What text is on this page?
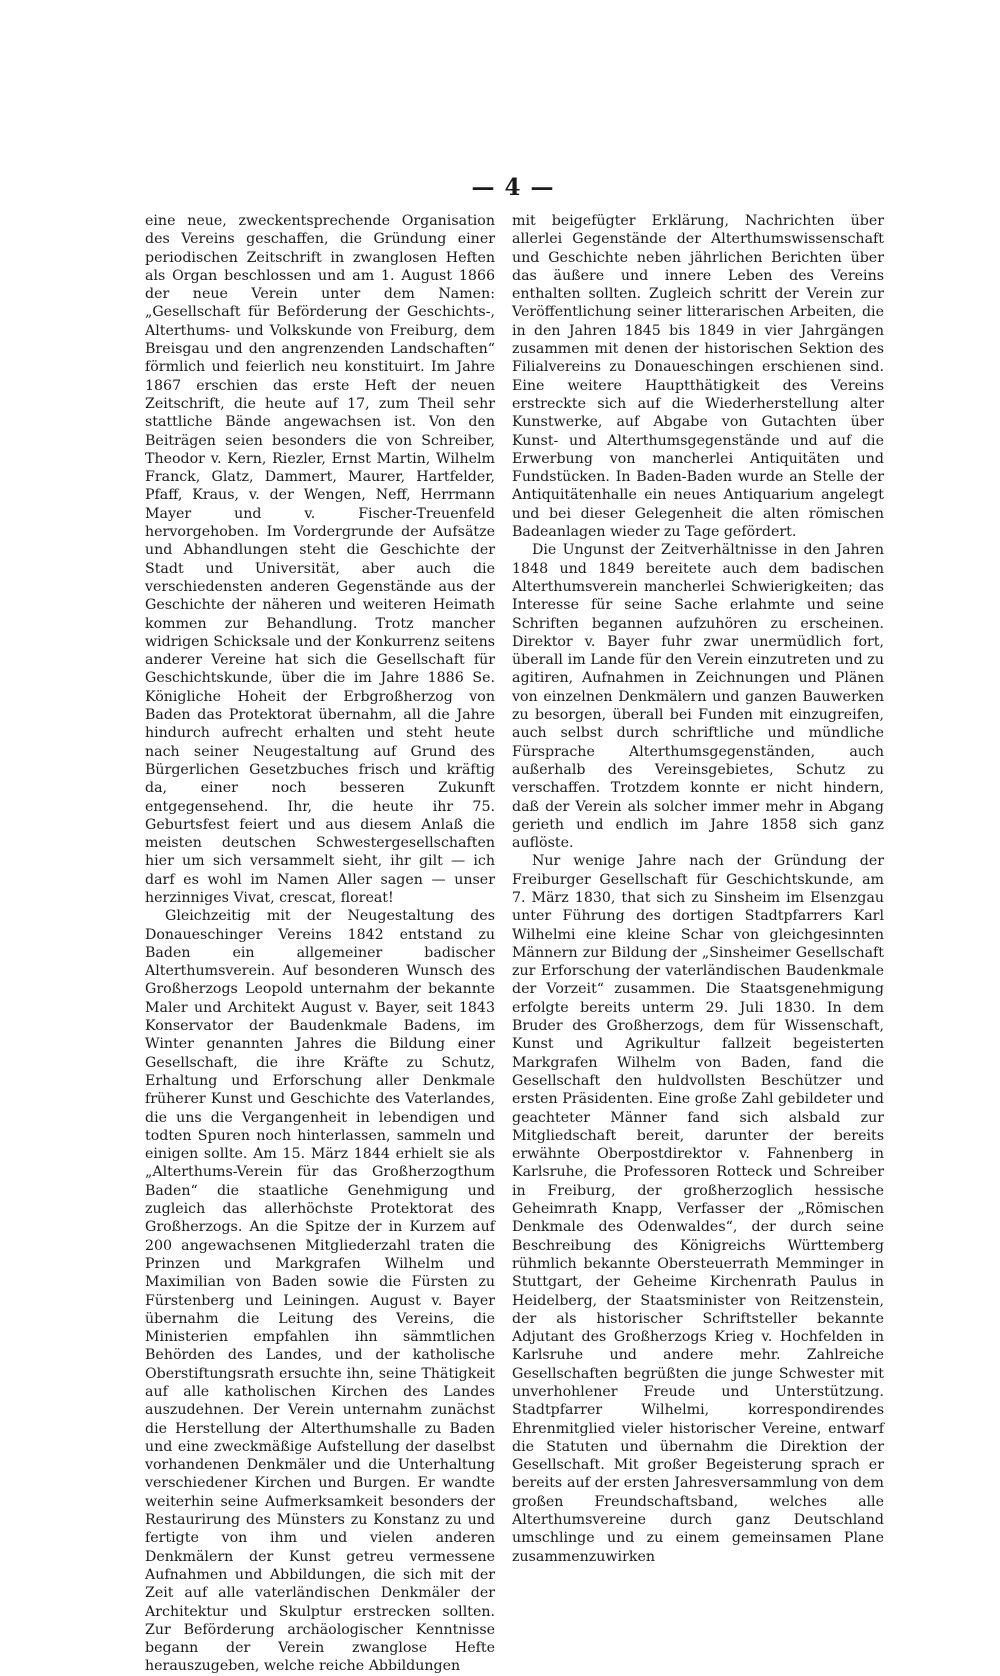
— 4 —

eine neue, zweckentsprechende Organisation des Vereins geschaffen, die Gründung einer periodischen Zeitschrift in zwanglosen Heften als Organ beschlossen und am 1. August 1866 der neue Verein unter dem Namen: „Gesellschaft für Beförderung der Geschichts-, Alterthums- und Volkskunde von Freiburg, dem Breisgau und den angrenzenden Landschaften“ förmlich und feierlich neu konstituirt. Im Jahre 1867 erschien das erste Heft der neuen Zeitschrift, die heute auf 17, zum Theil sehr stattliche Bände angewachsen ist. Von den Beiträgen seien besonders die von Schreiber, Theodor v. Kern, Riezler, Ernst Martin, Wilhelm Franck, Glatz, Dammert, Maurer, Hartfelder, Pfaff, Kraus, v. der Wengen, Neff, Herrmann Mayer und v. Fischer-Treuenfeld hervorgehoben. Im Vordergrunde der Aufsätze und Abhandlungen steht die Geschichte der Stadt und Universität, aber auch die verschiedensten anderen Gegenstände aus der Geschichte der näheren und weiteren Heimath kommen zur Behandlung. Trotz mancher widrigen Schicksale und der Konkurrenz seitens anderer Vereine hat sich die Gesellschaft für Geschichtskunde, über die im Jahre 1886 Se. Königliche Hoheit der Erbgroßherzog von Baden das Protektorat übernahm, all die Jahre hindurch aufrecht erhalten und steht heute nach seiner Neugestaltung auf Grund des Bürgerlichen Gesetzbuches frisch und kräftig da, einer noch besseren Zukunft entgegensehend. Ihr, die heute ihr 75. Geburtsfest feiert und aus diesem Anlaß die meisten deutschen Schwestergesellschaften hier um sich versammelt sieht, ihr gilt — ich darf es wohl im Namen Aller sagen — unser herzinniges Vivat, crescat, floreat!

Gleichzeitig mit der Neugestaltung des Donaueschinger Vereins 1842 entstand zu Baden ein allgemeiner badischer Alterthumsverein. Auf besonderen Wunsch des Großherzogs Leopold unternahm der bekannte Maler und Architekt August v. Bayer, seit 1843 Konservator der Baudenkmale Badens, im Winter genannten Jahres die Bildung einer Gesellschaft, die ihre Kräfte zu Schutz, Erhaltung und Erforschung aller Denkmale früherer Kunst und Geschichte des Vaterlandes, die uns die Vergangenheit in lebendigen und todten Spuren noch hinterlassen, sammeln und einigen sollte. Am 15. März 1844 erhielt sie als „Alterthums-Verein für das Großherzogthum Baden“ die staatliche Genehmigung und zugleich das allerhöchste Protektorat des Großherzogs. An die Spitze der in Kurzem auf 200 angewachsenen Mitgliederzahl traten die Prinzen und Markgrafen Wilhelm und Maximilian von Baden sowie die Fürsten zu Fürstenberg und Leiningen. August v. Bayer übernahm die Leitung des Vereins, die Ministerien empfahlen ihn sämmtlichen Behörden des Landes, und der katholische Oberstiftungsrath ersuchte ihn, seine Thätigkeit auf alle katholischen Kirchen des Landes auszudehnen. Der Verein unternahm zunächst die Herstellung der Alterthumshalle zu Baden und eine zweckmäßige Aufstellung der daselbst vorhandenen Denkmäler und die Unterhaltung verschiedener Kirchen und Burgen. Er wandte weiterhin seine Aufmerksamkeit besonders der Restaurirung des Münsters zu Konstanz zu und fertigte von ihm und vielen anderen Denkmälern der Kunst getreu vermessene Aufnahmen und Abbildungen, die sich mit der Zeit auf alle vaterländischen Denkmäler der Architektur und Skulptur erstrecken sollten. Zur Beförderung archäologischer Kenntnisse begann der Verein zwanglose Hefte herauszugeben, welche reiche Abbildungen

mit beigefügter Erklärung, Nachrichten über allerlei Gegenstände der Alterthumswissenschaft und Geschichte neben jährlichen Berichten über das äußere und innere Leben des Vereins enthalten sollten. Zugleich schritt der Verein zur Veröffentlichung seiner litterarischen Arbeiten, die in den Jahren 1845 bis 1849 in vier Jahrgängen zusammen mit denen der historischen Sektion des Filialvereins zu Donaueschingen erschienen sind. Eine weitere Hauptthätigkeit des Vereins erstreckte sich auf die Wiederherstellung alter Kunstwerke, auf Abgabe von Gutachten über Kunst- und Alterthumsgegenstände und auf die Erwerbung von mancherlei Antiquitäten und Fundstücken. In Baden-Baden wurde an Stelle der Antiquitätenhalle ein neues Antiquarium angelegt und bei dieser Gelegenheit die alten römischen Badeanlagen wieder zu Tage gefördert.

Die Ungunst der Zeitverhältnisse in den Jahren 1848 und 1849 bereitete auch dem badischen Alterthumsverein mancherlei Schwierigkeiten; das Interesse für seine Sache erlahmte und seine Schriften begannen aufzuhören zu erscheinen. Direktor v. Bayer fuhr zwar unermüdlich fort, überall im Lande für den Verein einzutreten und zu agitiren, Aufnahmen in Zeichnungen und Plänen von einzelnen Denkmälern und ganzen Bauwerken zu besorgen, überall bei Funden mit einzugreifen, auch selbst durch schriftliche und mündliche Fürsprache Alterthumsgegenständen, auch außerhalb des Vereinsgebietes, Schutz zu verschaffen. Trotzdem konnte er nicht hindern, daß der Verein als solcher immer mehr in Abgang gerieth und endlich im Jahre 1858 sich ganz auflöste.

Nur wenige Jahre nach der Gründung der Freiburger Gesellschaft für Geschichtskunde, am 7. März 1830, that sich zu Sinsheim im Elsenzgau unter Führung des dortigen Stadtpfarrers Karl Wilhelmi eine kleine Schar von gleichgesinnten Männern zur Bildung der „Sinsheimer Gesellschaft zur Erforschung der vaterländischen Baudenkmale der Vorzeit“ zusammen. Die Staatsgenehmigung erfolgte bereits unterm 29. Juli 1830. In dem Bruder des Großherzogs, dem für Wissenschaft, Kunst und Agrikultur fallzeit begeisterten Markgrafen Wilhelm von Baden, fand die Gesellschaft den huldvollsten Beschützer und ersten Präsidenten. Eine große Zahl gebildeter und geachteter Männer fand sich alsbald zur Mitgliedschaft bereit, darunter der bereits erwähnte Oberpostdirektor v. Fahnenberg in Karlsruhe, die Professoren Rotteck und Schreiber in Freiburg, der großherzoglich hessische Geheimrath Knapp, Verfasser der „Römischen Denkmale des Odenwaldes“, der durch seine Beschreibung des Königreichs Württemberg rühmlich bekannte Obersteuerrath Memminger in Stuttgart, der Geheime Kirchenrath Paulus in Heidelberg, der Staatsminister von Reitzenstein, der als historischer Schriftsteller bekannte Adjutant des Großherzogs Krieg v. Hochfelden in Karlsruhe und andere mehr. Zahlreiche Gesellschaften begrüßten die junge Schwester mit unverhohlener Freude und Unterstützung. Stadtpfarrer Wilhelmi, korrespondirendes Ehrenmitglied vieler historischer Vereine, entwarf die Statuten und übernahm die Direktion der Gesellschaft. Mit großer Begeisterung sprach er bereits auf der ersten Jahresversammlung von dem großen Freundschaftsband, welches alle Alterthumsvereine durch ganz Deutschland umschlinge und zu einem gemeinsamen Plane zusammenzuwirken
